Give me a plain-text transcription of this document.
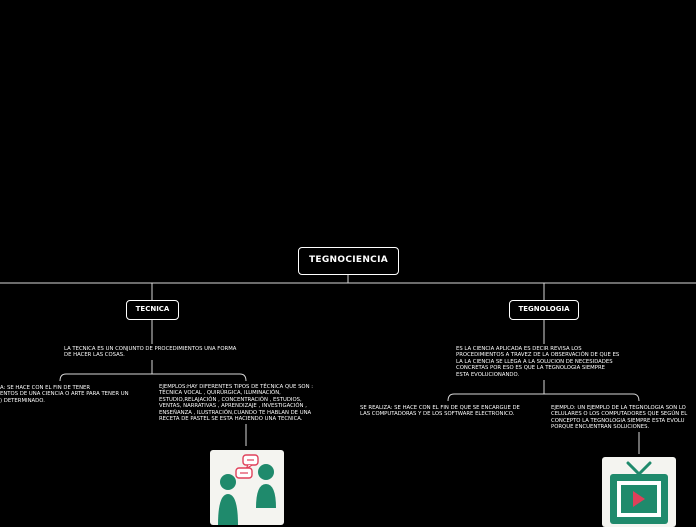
TEGNOCIENCIA
TECNICA	TEGNOLOGIA
LA TECNICA ES UN CONJUNTO DE PROCEDIMIENTOS UNA FORMA DE HACER LAS COSAS.
A: SE HACE CON EL FIN DE TENER
ENTOS DE UNA CIENCIA O ARTE PARA TENER UN
) DETERMINADO.
EJEMPLOS:HAY DIFERENTES TIPOS DE TÉCNICA QUE SON :
TÉCNICA VOCAL , QUIRÚRGICA, ILUMINACIÓN,
ESTUDIO,RELAJACIÓN , CONCENTRACIÓN , ESTUDIOS,
VENTAS, NARRATIVAS , APRENDIZAJE , INVESTIGACIÓN ,
ENSEÑANZA , ILUSTRACIÓN,CUANDO TE HABLAN DE UNA
RECETA DE PASTEL SE ESTA HACIENDO UNA TECNICA.
ES LA CIENCIA APLICADA ES DECIR REVISA LOS
PROCEDIMIENTOS A TRAVEZ DE LA OBSERVACIÓN DE QUE ES
LA LA CIENCIA SE LLEGA A LA SOLUCION DE NECESIDADES
CONCRETAS POR ESO ES QUE LA TEGNOLOGIA SIEMPRE
ESTA EVOLUCIONANDO.
SE REALIZA: SE HACE CON EL FIN DE QUE SE ENCARGUE DE
LAS COMPUTADORAS Y DE LOS SOFTWARE ELECTRONICO.
EJEMPLO: UN EJEMPLO DE LA TEGNOLOGIA SON LO
CELULARES O LOS COMPUTADORES QUE SEGÚN EL
CONCEPTO LA TEGNOLOGIA SIEMPRE ESTA EVOLU
PORQUE ENCUENTRAN SOLUCIONES.
